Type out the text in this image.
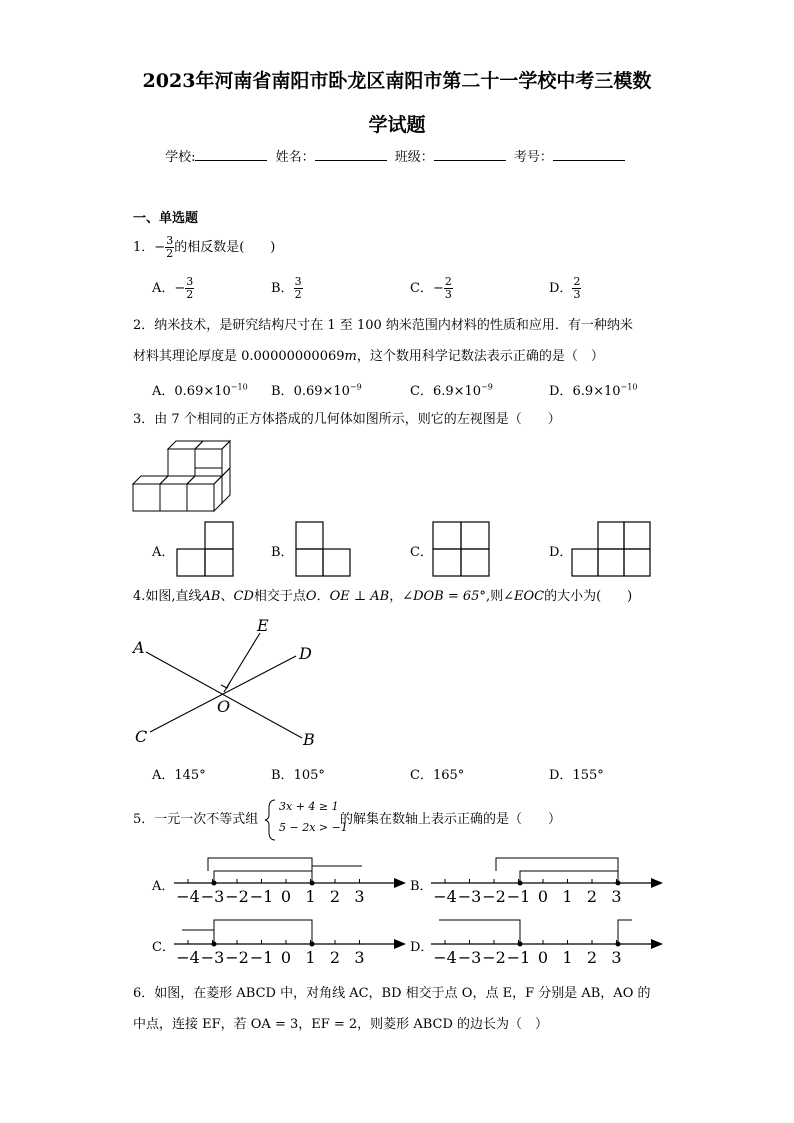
2023年河南省南阳市卧龙区南阳市第二十一学校中考三模数
学试题
学校:	姓名：	班级：	考号：
一、单选题
1．− $\frac{3}{2}$ 的相反数是(　　)
A．− $\frac{3}{2}$	B． $\frac{3}{2}$	C．− $\frac{2}{3}$	D． $\frac{2}{3}$
2．纳米技术，是研究结构尺寸在 1 至 100 纳米范围内材料的性质和应用．有一种纳米
材料其理论厚度是 0.00000000069m，这个数用科学记数法表示正确的是（　）
A．$0.69\times 10^{-10}$ B．$0.69\times 10^{-9}$	C．$6.9\times 10^{-9}$	D．$6.9\times 10^{-10}$
3．由 7 个相同的正方体搭成的几何体如图所示，则它的左视图是（　　）
A．	B．	C．	D．
4.如图,直线AB、CD相交于点O．OE ⊥ AB，∠DOB = 65°,则∠EOC的大小为(　　)
A
B
C
D
E
O
A．145°	B．105°	C．165°	D．155°
5．一元一次不等式组
3x + 4 ≥ 1
5 − 2x > −1
的解集在数轴上表示正确的是（　　）
A．	B．
C．	D．
−4 −3 −2 −1 0 1 2 3	−4 −3 −2 −1 0 1 2 3
−4 −3 −2 −1 0 1 2 3	−4 −3 −2 −1 0 1 2 3
6．如图，在菱形 ABCD 中，对角线 AC，BD 相交于点 O，点 E，F 分别是 AB，AO 的
中点，连接 EF，若 OA = 3，EF = 2，则菱形 ABCD 的边长为（　）
